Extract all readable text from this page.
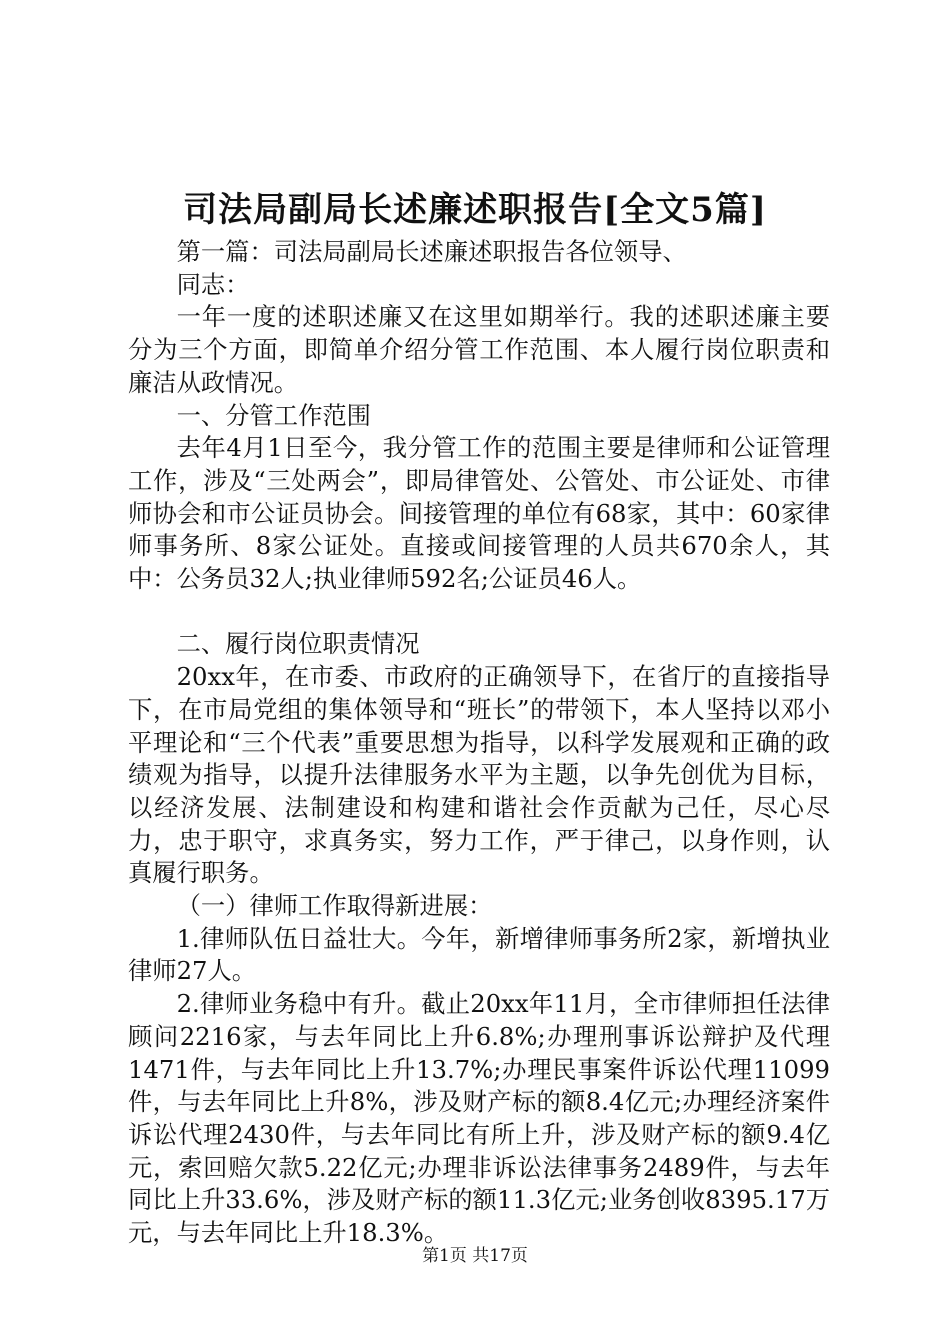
司法局副局长述廉述职报告[全文5篇]

第一篇：司法局副局长述廉述职报告各位领导、

同志：

一年一度的述职述廉又在这里如期举行。我的述职述廉主要分为三个方面，即简单介绍分管工作范围、本人履行岗位职责和廉洁从政情况。

一、分管工作范围

去年4月1日至今，我分管工作的范围主要是律师和公证管理工作，涉及“三处两会”，即局律管处、公管处、市公证处、市律师协会和市公证员协会。间接管理的单位有68家，其中：60家律师事务所、8家公证处。直接或间接管理的人员共670余人，其中：公务员32人;执业律师592名;公证员46人。

二、履行岗位职责情况

20xx年，在市委、市政府的正确领导下，在省厅的直接指导下，在市局党组的集体领导和“班长”的带领下，本人坚持以邓小平理论和“三个代表”重要思想为指导，以科学发展观和正确的政绩观为指导，以提升法律服务水平为主题，以争先创优为目标，以经济发展、法制建设和构建和谐社会作贡献为己任，尽心尽力，忠于职守，求真务实，努力工作，严于律己，以身作则，认真履行职务。

（一）律师工作取得新进展：

1.律师队伍日益壮大。今年，新增律师事务所2家，新增执业律师27人。

2.律师业务稳中有升。截止20xx年11月，全市律师担任法律顾问2216家，与去年同比上升6.8%;办理刑事诉讼辩护及代理1471件，与去年同比上升13.7%;办理民事案件诉讼代理11099件，与去年同比上升8%，涉及财产标的额8.4亿元;办理经济案件诉讼代理2430件，与去年同比有所上升，涉及财产标的额9.4亿元，索回赔欠款5.22亿元;办理非诉讼法律事务2489件，与去年同比上升33.6%，涉及财产标的额11.3亿元;业务创收8395.17万元，与去年同比上升18.3%。

第1页 共17页
